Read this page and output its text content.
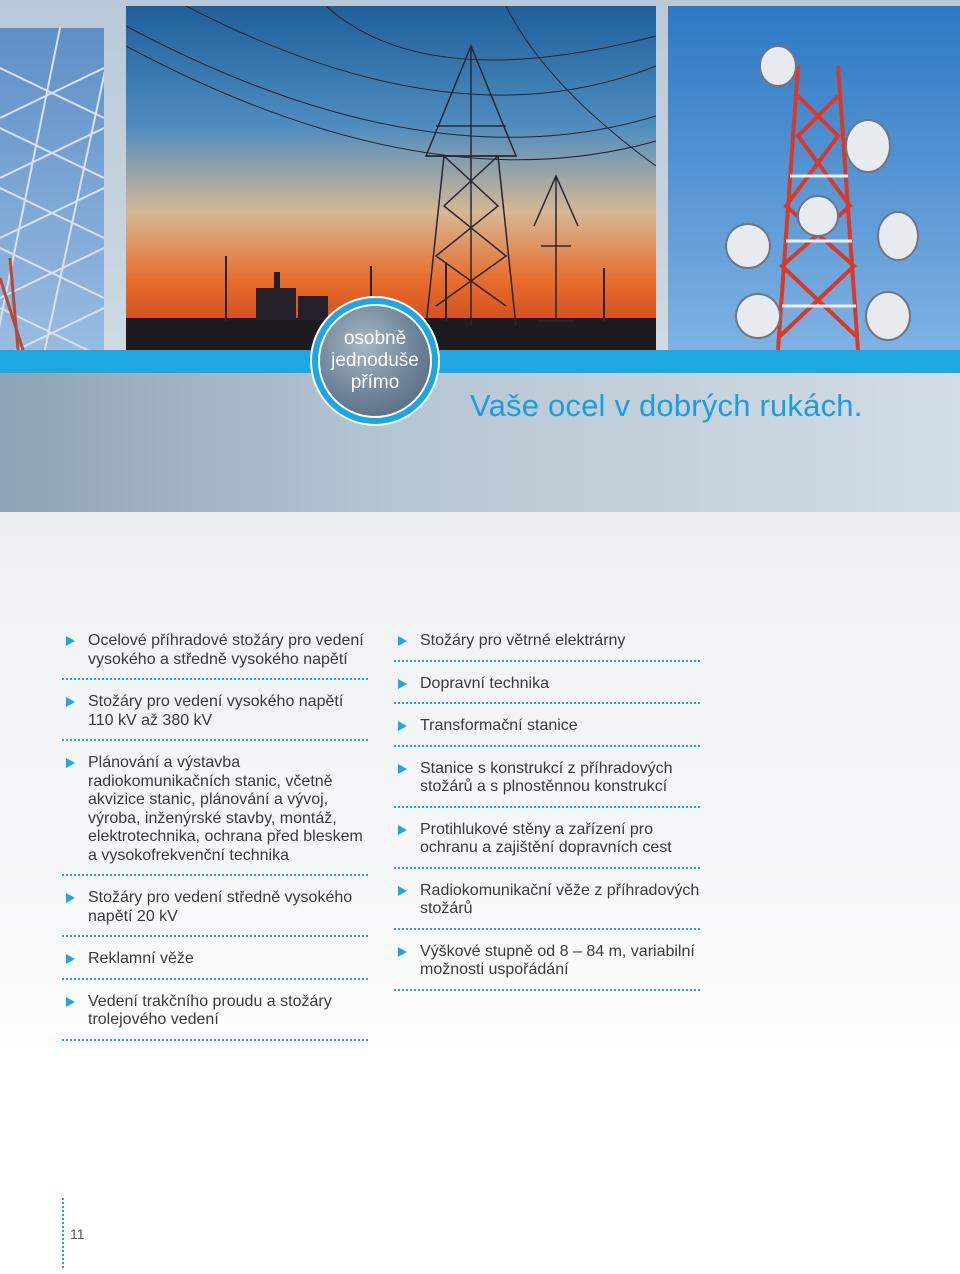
osobně
jednoduše
přímo
Vaše ocel v dobrých rukách.
Ocelové příhradové stožáry pro vedení vysokého a středně vysokého napětí
Stožáry pro vedení vysokého napětí 110 kV až 380 kV
Plánování a výstavba radiokomunikačních stanic, včetně akvizice stanic, plánování a vývoj, výroba, inženýrské stavby, montáž, elektrotechnika, ochrana před bleskem a vysokofrekvenční technika
Stožáry pro vedení středně vysokého napětí 20 kV
Reklamní věže
Vedení trakčního proudu a stožáry trolejového vedení
Stožáry pro větrné elektrárny
Dopravní technika
Transformační stanice
Stanice s konstrukcí z příhradových stožárů a s plnostěnnou konstrukcí
Protihlukové stěny a zařízení pro ochranu a zajištění dopravních cest
Radiokomunikační věže z příhradových stožárů
Výškové stupně od 8 – 84 m, variabilní možnosti uspořádání
11
